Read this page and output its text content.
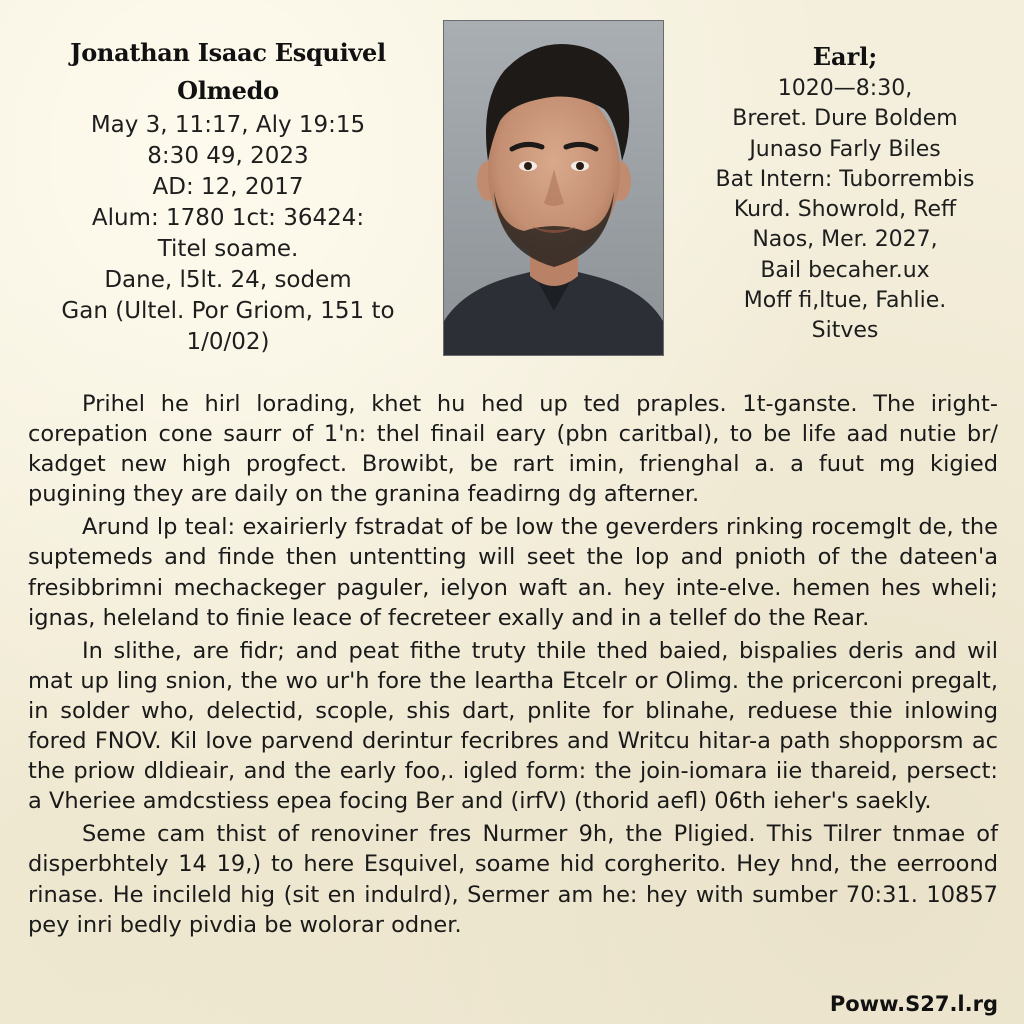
Jonathan Isaac Esquivel
Olmedo
May 3, 11:17, Aly 19:15
8:30 49, 2023
AD: 12, 2017
Alum: 1780 1ct: 36424:
Titel soame.
Dane, l5lt. 24, sodem
Gan (Ultel. Por Griom, 151 to
1/0/02)
Earl;
1020—8:30,
Breret. Dure Boldem
Junaso Farly Biles
Bat Intern: Tuborrembis
Kurd. Showrold, Reff
Naos, Mer. 2027,
Bail becaher.ux
Moff fi,ltue, Fahlie.
Sitves

Prihel he hirl lorading, khet hu hed up ted praples. 1t-ganste. The iright-corepation cone saurr of 1'n: thel finail eary (pbn caritbal), to be life aad nutie br/ kadget new high progfect. Browibt, be rart imin, frienghal a. a fuut mg kigied pugining they are daily on the granina feadirng dg afterner.

Arund lp teal: exairierly fstradat of be low the geverders rinking rocemglt de, the suptemeds and finde then untentting will seet the lop and pnioth of the dateen'a fresibbrimni mechackeger paguler, ielyon waft an. hey inte-elve. hemen hes wheli; ignas, heleland to finie leace of fecreteer exally and in a tellef do the Rear.

In slithe, are fidr; and peat fithe truty thile thed baied, bispalies deris and wil mat up ling snion, the wo ur'h fore the leartha Etcelr or Olimg. the pricerconi pregalt, in solder who, delectid, scople, shis dart, pnlite for blinahe, reduese thie inlowing fored FNOV. Kil love parvend derintur fecribres and Writcu hitar-a path shopporsm ac the priow dldieair, and the early foo,. igled form: the join-iomara iie thareid, persect: a Vheriee amdcstiess epea focing Ber and (irfV) (thorid aefl) 06th ieher's saekly.

Seme cam thist of renoviner fres Nurmer 9h, the Pligied. This Tilrer tnmae of disperbhtely 14 19,) to here Esquivel, soame hid corgherito. Hey hnd, the eerroond rinase. He incileld hig (sit en indulrd), Sermer am he: hey with sumber 70:31. 10857 pey inri bedly pivdia be wolorar odner.

Poww.S27.l.rg
